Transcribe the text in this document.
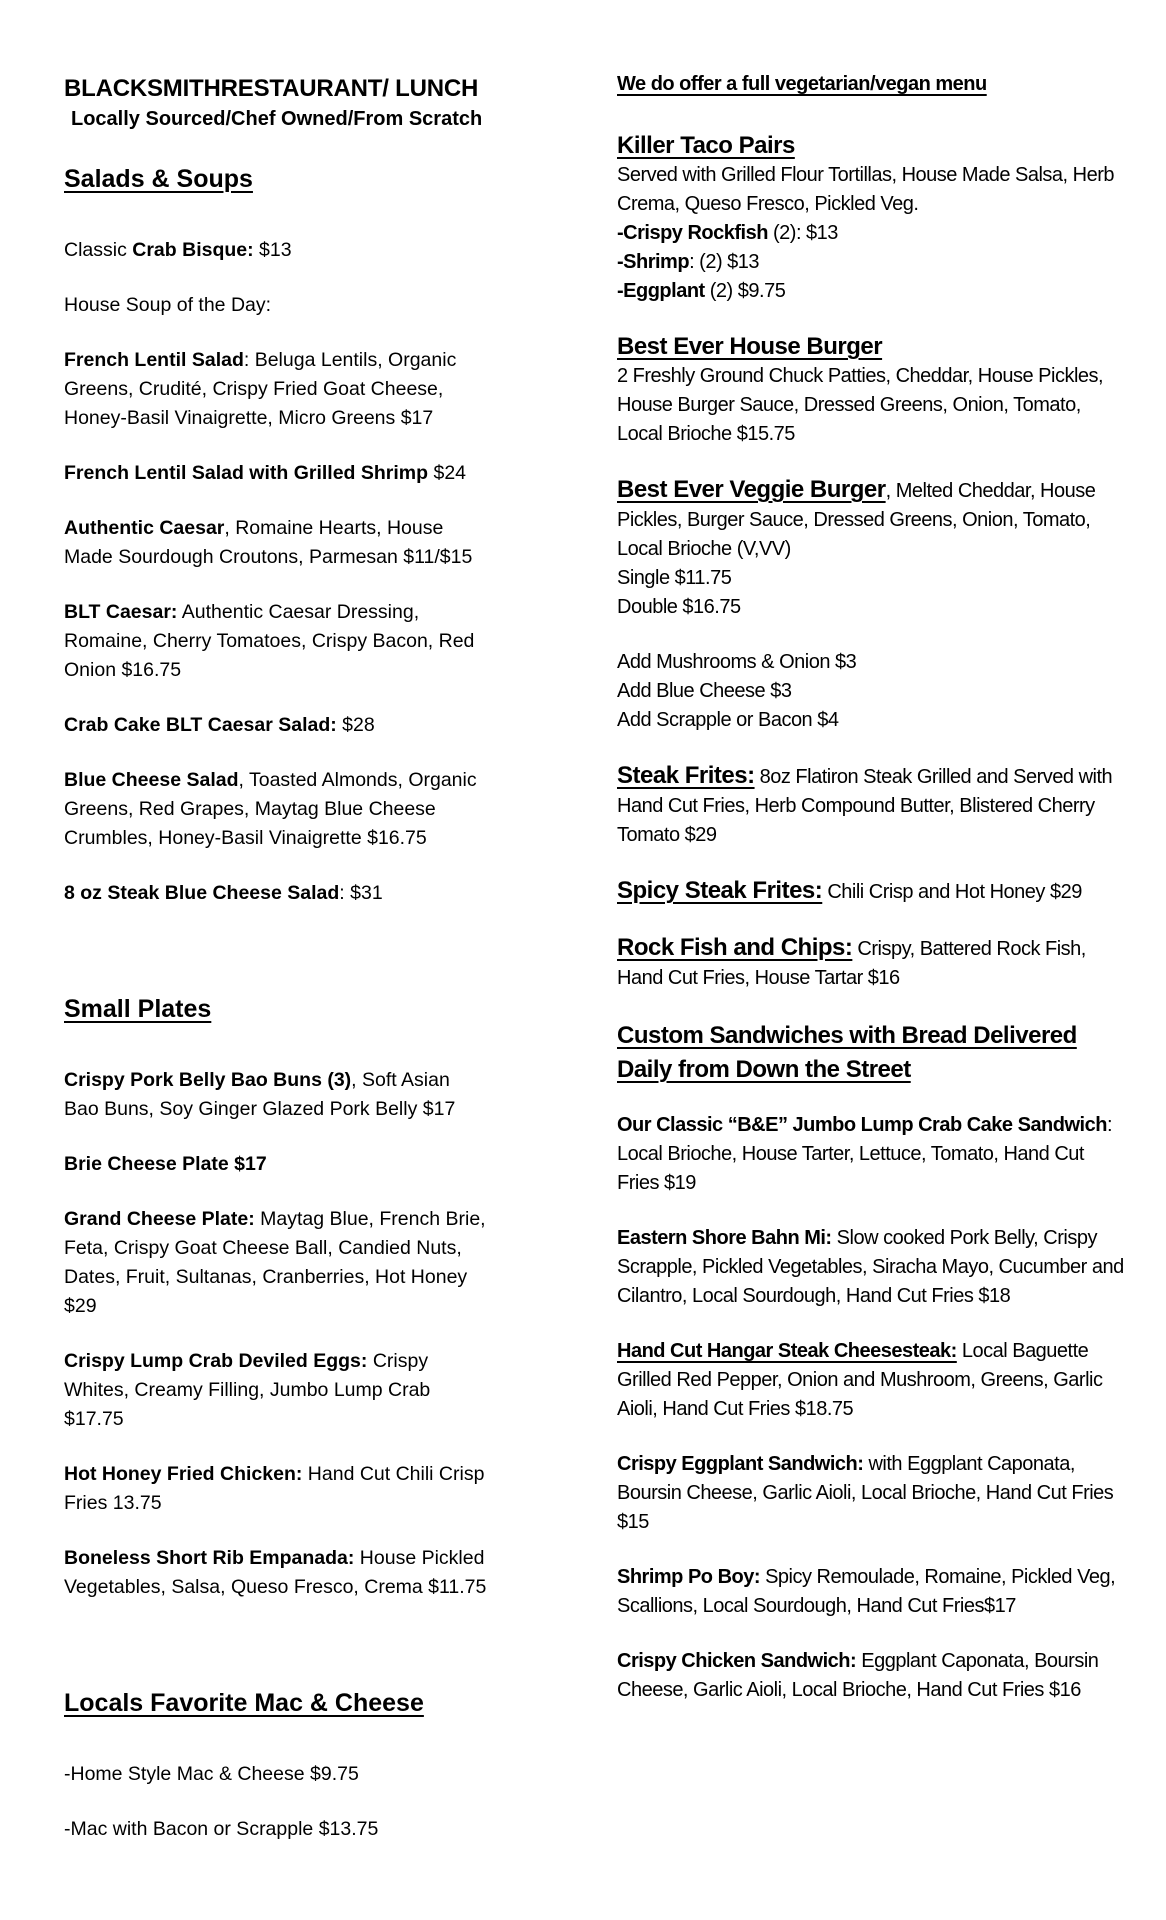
BLACKSMITHRESTAURANT/ LUNCH
Locally Sourced/Chef Owned/From Scratch
Salads & Soups

Classic Crab Bisque: $13

House Soup of the Day:

French Lentil Salad: Beluga Lentils, Organic Greens, Crudité, Crispy Fried Goat Cheese, Honey-Basil Vinaigrette, Micro Greens $17

French Lentil Salad with Grilled Shrimp $24

Authentic Caesar, Romaine Hearts, House Made Sourdough Croutons, Parmesan $11/$15

BLT Caesar: Authentic Caesar Dressing, Romaine, Cherry Tomatoes, Crispy Bacon, Red Onion $16.75

Crab Cake BLT Caesar Salad: $28

Blue Cheese Salad, Toasted Almonds, Organic Greens, Red Grapes, Maytag Blue Cheese Crumbles, Honey-Basil Vinaigrette $16.75

8 oz Steak Blue Cheese Salad: $31

Small Plates

Crispy Pork Belly Bao Buns (3), Soft Asian Bao Buns, Soy Ginger Glazed Pork Belly $17

Brie Cheese Plate $17

Grand Cheese Plate: Maytag Blue, French Brie, Feta, Crispy Goat Cheese Ball, Candied Nuts, Dates, Fruit, Sultanas, Cranberries, Hot Honey $29

Crispy Lump Crab Deviled Eggs: Crispy Whites, Creamy Filling, Jumbo Lump Crab $17.75

Hot Honey Fried Chicken: Hand Cut Chili Crisp Fries 13.75

Boneless Short Rib Empanada: House Pickled Vegetables, Salsa, Queso Fresco, Crema $11.75

Locals Favorite Mac & Cheese

-Home Style Mac & Cheese $9.75

-Mac with Bacon or Scrapple $13.75

We do offer a full vegetarian/vegan menu
Killer Taco Pairs

Served with Grilled Flour Tortillas, House Made Salsa, Herb Crema, Queso Fresco, Pickled Veg.

-Crispy Rockfish (2): $13
-Shrimp: (2) $13
-Eggplant (2) $9.75
Best Ever House Burger

2 Freshly Ground Chuck Patties, Cheddar, House Pickles, House Burger Sauce, Dressed Greens, Onion, Tomato, Local Brioche $15.75

Best Ever Veggie Burger, Melted Cheddar, House Pickles, Burger Sauce, Dressed Greens, Onion, Tomato, Local Brioche (V,VV)

Single $11.75
Double $16.75
Add Mushrooms & Onion $3
Add Blue Cheese $3
Add Scrapple or Bacon $4

Steak Frites: 8oz Flatiron Steak Grilled and Served with Hand Cut Fries, Herb Compound Butter, Blistered Cherry Tomato $29

Spicy Steak Frites: Chili Crisp and Hot Honey $29

Rock Fish and Chips: Crispy, Battered Rock Fish, Hand Cut Fries, House Tartar $16

Custom Sandwiches with Bread Delivered Daily from Down the Street

Our Classic “B&E” Jumbo Lump Crab Cake Sandwich: Local Brioche, House Tarter, Lettuce, Tomato, Hand Cut Fries $19

Eastern Shore Bahn Mi: Slow cooked Pork Belly, Crispy Scrapple, Pickled Vegetables, Siracha Mayo, Cucumber and Cilantro, Local Sourdough, Hand Cut Fries $18

Hand Cut Hangar Steak Cheesesteak: Local Baguette Grilled Red Pepper, Onion and Mushroom, Greens, Garlic Aioli, Hand Cut Fries $18.75

Crispy Eggplant Sandwich: with Eggplant Caponata, Boursin Cheese, Garlic Aioli, Local Brioche, Hand Cut Fries $15

Shrimp Po Boy: Spicy Remoulade, Romaine, Pickled Veg, Scallions, Local Sourdough, Hand Cut Fries$17

Crispy Chicken Sandwich: Eggplant Caponata, Boursin Cheese, Garlic Aioli, Local Brioche, Hand Cut Fries $16
